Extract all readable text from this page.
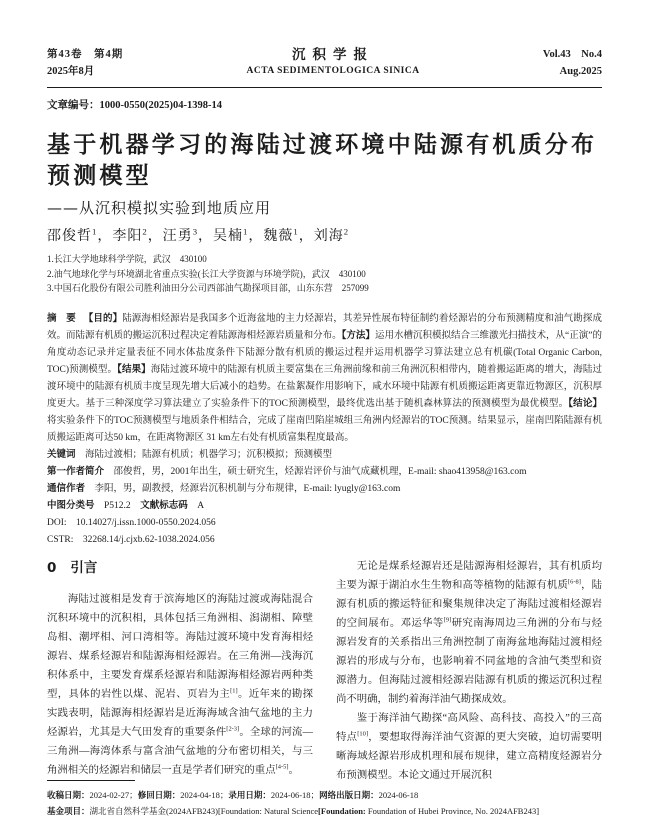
第43卷　第4期
2025年8月
沉积学报
ACTA SEDIMENTOLOGICA SINICA
Vol.43　No.4
Aug.2025
文章编号：1000-0550(2025)04-1398-14
基于机器学习的海陆过渡环境中陆源有机质分布预测模型
——从沉积模拟实验到地质应用
邵俊哲$^1$，李阳$^2$，汪勇$^3$，吴楠$^1$，魏薇$^1$，刘海$^2$
1.长江大学地球科学学院，武汉　430100
2.油气地球化学与环境湖北省重点实验(长江大学资源与环境学院)，武汉　430100
3.中国石化股份有限公司胜利油田分公司西部油气勘探项目部，山东东营　257099
摘　要 【目的】陆源海相烃源岩是我国多个近海盆地的主力烃源岩，其差异性展布特征制约着烃源岩的分布预测精度和油气勘探成效。而陆源有机质的搬运沉积过程决定着陆源海相烃源岩质量和分布。【方法】运用水槽沉积模拟结合三维激光扫描技术，从“正演”的角度动态记录并定量表征不同水体盐度条件下陆源分散有机质的搬运过程并运用机器学习算法建立总有机碳(Total Organic Carbon, TOC)预测模型。【结果】海陆过渡环境中的陆源有机质主要富集在三角洲前缘和前三角洲沉积相带内，随着搬运距离的增大，海陆过渡环境中的陆源有机质丰度呈现先增大后减小的趋势。在盐絮凝作用影响下，咸水环境中陆源有机质搬运距离更靠近物源区，沉积厚度更大。基于三种深度学习算法建立了实验条件下的TOC预测模型，最终优选出基于随机森林算法的预测模型为最优模型。【结论】将实验条件下的TOC预测模型与地质条件相结合，完成了崖南凹陷崖城组三角洲内烃源岩的TOC预测。结果显示，崖南凹陷陆源有机质搬运距离可达50 km，在距离物源区 31 km左右处有机质富集程度最高。
关键词　海陆过渡相；陆源有机质；机器学习；沉积模拟；预测模型
第一作者简介　邵俊哲，男，2001年出生，硕士研究生，烃源岩评价与油气成藏机理，E-mail: shao413958@163.com
通信作者　李阳，男，副教授，烃源岩沉积机制与分布规律，E-mail: lyugly@163.com
中图分类号　P512.2　文献标志码　A
DOI:　10.14027/j.issn.1000-0550.2024.056
CSTR:　32268.14/j.cjxb.62-1038.2024.056
0 引言

海陆过渡相是发育于滨海地区的海陆过渡或海陆混合沉积环境中的沉积相，具体包括三角洲相、潟湖相、障壁岛相、潮坪相、河口湾相等。海陆过渡环境中发育海相烃源岩、煤系烃源岩和陆源海相烃源岩。在三角洲—浅海沉积体系中，主要发育煤系烃源岩和陆源海相烃源岩两种类型，具体的岩性以煤、泥岩、页岩为主[1]。近年来的勘探实践表明，陆源海相烃源岩是近海海域含油气盆地的主力烃源岩，尤其是大气田发育的重要条件[2-3]。全球的河流—三角洲—海湾体系与富含油气盆地的分布密切相关，与三角洲相关的烃源岩和储层一直是学者们研究的重点[4-5]。

无论是煤系烃源岩还是陆源海相烃源岩，其有机质均主要为源于湖泊水生生物和高等植物的陆源有机质[6-8]，陆源有机质的搬运特征和聚集规律决定了海陆过渡相烃源岩的空间展布。邓运华等[9]研究南海周边三角洲的分布与烃源岩发育的关系指出三角洲控制了南海盆地海陆过渡相烃源岩的形成与分布，也影响着不同盆地的含油气类型和资源潜力。但海陆过渡相烃源岩陆源有机质的搬运沉积过程尚不明确，制约着海洋油气勘探成效。

鉴于海洋油气勘探“高风险、高科技、高投入”的三高特点[10]，要想取得海洋油气资源的更大突破，迫切需要明晰海域烃源岩形成机理和展布规律，建立高精度烃源岩分布预测模型。本论文通过开展沉积

收稿日期：2024-02-27；修回日期：2024-04-18；录用日期：2024-06-18；网络出版日期：2024-06-18
基金项目：湖北省自然科学基金(2024AFB243)[Foundation: Natural Science[Foundation: Foundation of Hubei Province, No. 2024AFB243]
